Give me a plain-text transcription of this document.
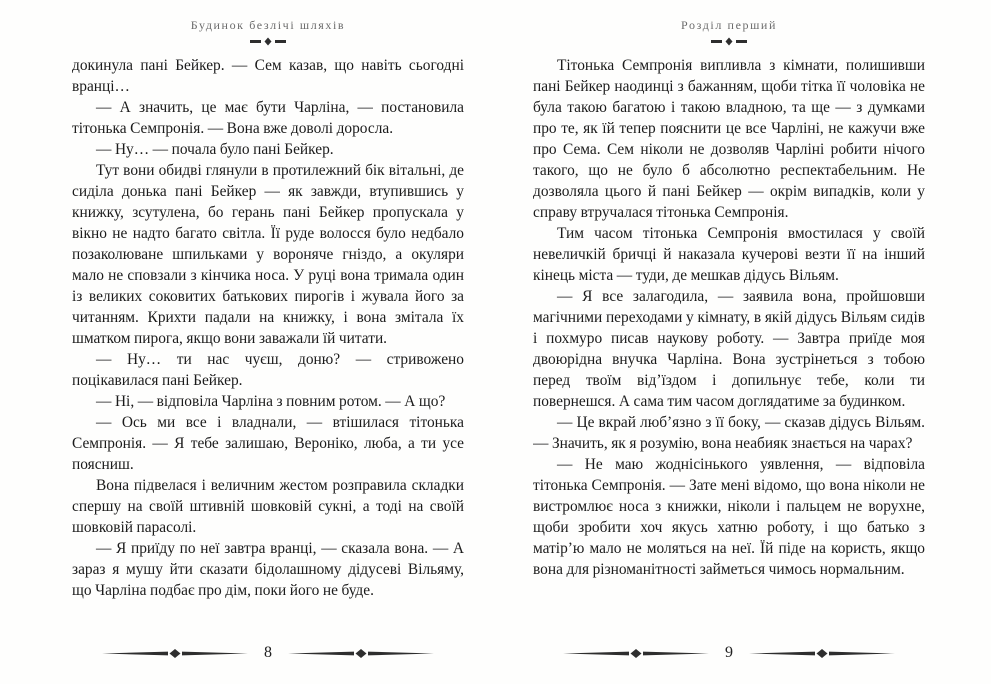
Будинок безлічі шляхів

докинула пані Бейкер. — Сем казав, що навіть сьогодні вранці…

— А значить, це має бути Чарліна, — постановила тітонька Семпронія. — Вона вже доволі доросла.

— Ну… — почала було пані Бейкер.

Тут вони обидві глянули в протилежний бік вітальні, де сиділа донька пані Бейкер — як завжди, втупившись у книжку, зсутулена, бо герань пані Бейкер пропускала у вікно не надто багато світла. Її руде волосся було недбало позаколюване шпильками у вороняче гніздо, а окуляри мало не сповзали з кінчика носа. У руці вона тримала один із великих соковитих батькових пирогів і жувала його за читанням. Крихти падали на книжку, і вона змітала їх шматком пирога, якщо вони заважали їй читати.

— Ну… ти нас чуєш, доню? — стривожено поцікавилася пані Бейкер.

— Ні, — відповіла Чарліна з повним ротом. — А що?

— Ось ми все і владнали, — втішилася тітонька Семпронія. — Я тебе залишаю, Вероніко, люба, а ти усе поясниш.

Вона підвелася і величним жестом розправила складки спершу на своїй штивній шовковій сукні, а тоді на своїй шовковій парасолі.

— Я приїду по неї завтра вранці, — сказала вона. — А зараз я мушу йти сказати бідолашному дідусеві Вільяму, що Чарліна подбає про дім, поки його не буде.

8
Розділ перший

Тітонька Семпронія випливла з кімнати, полишивши пані Бейкер наодинці з бажанням, щоби тітка її чоловіка не була такою багатою і такою владною, та ще — з думками про те, як їй тепер пояснити це все Чарліні, не кажучи вже про Сема. Сем ніколи не дозволяв Чарліні робити нічого такого, що не було б абсолютно респектабельним. Не дозволяла цього й пані Бейкер — окрім випадків, коли у справу втручалася тітонька Семпронія.

Тим часом тітонька Семпронія вмостилася у своїй невеличкій бричці й наказала кучерові везти її на інший кінець міста — туди, де мешкав дідусь Вільям.

— Я все залагодила, — заявила вона, пройшовши магічними переходами у кімнату, в якій дідусь Вільям сидів і похмуро писав наукову роботу. — Завтра приїде моя двоюрідна внучка Чарліна. Вона зустрінеться з тобою перед твоїм від’їздом і допильнує тебе, коли ти повернешся. А сама тим часом доглядатиме за будинком.

— Це вкрай люб’язно з її боку, — сказав дідусь Вільям. — Значить, як я розумію, вона неабияк знається на чарах?

— Не маю жоднісінького уявлення, — відповіла тітонька Семпронія. — Зате мені відомо, що вона ніколи не вистромлює носа з книжки, ніколи і пальцем не ворухне, щоби зробити хоч якусь хатню роботу, і що батько з матір’ю мало не моляться на неї. Їй піде на користь, якщо вона для різноманітності займеться чимось нормальним.

9
